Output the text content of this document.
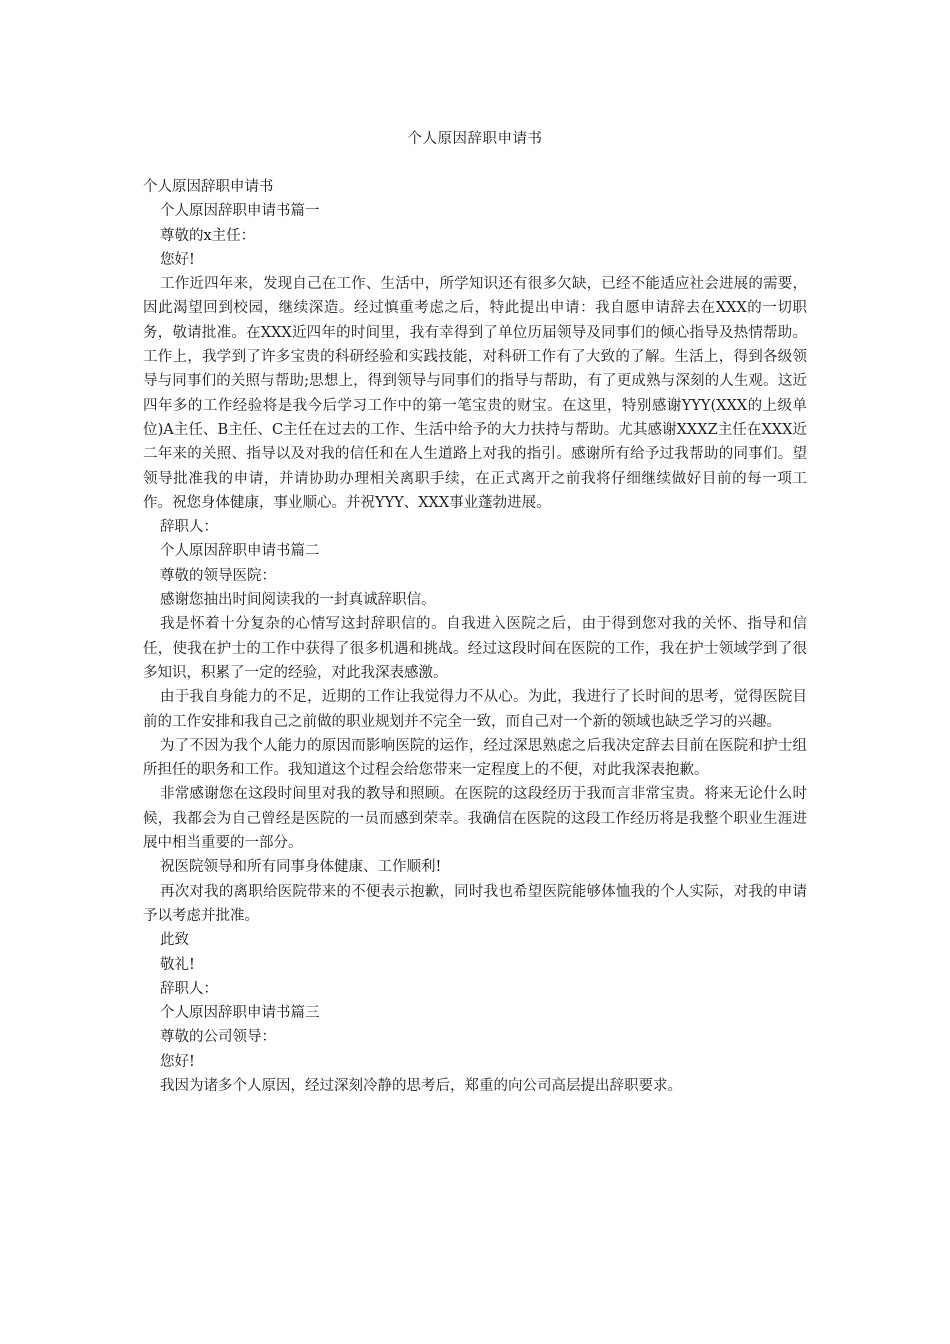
个人原因辞职申请书

个人原因辞职申请书

个人原因辞职申请书篇一

尊敬的x主任：

您好!

工作近四年来，发现自己在工作、生活中，所学知识还有很多欠缺，已经不能适应社会进展的需要，因此渴望回到校园，继续深造。经过慎重考虑之后，特此提出申请：我自愿申请辞去在XXX的一切职务，敬请批准。在XXX近四年的时间里，我有幸得到了单位历届领导及同事们的倾心指导及热情帮助。工作上，我学到了许多宝贵的科研经验和实践技能，对科研工作有了大致的了解。生活上，得到各级领导与同事们的关照与帮助;思想上，得到领导与同事们的指导与帮助，有了更成熟与深刻的人生观。这近四年多的工作经验将是我今后学习工作中的第一笔宝贵的财宝。在这里，特别感谢YYY(XXX的上级单位)A主任、B主任、C主任在过去的工作、生活中给予的大力扶持与帮助。尤其感谢XXXZ主任在XXX近二年来的关照、指导以及对我的信任和在人生道路上对我的指引。感谢所有给予过我帮助的同事们。望领导批准我的申请，并请协助办理相关离职手续，在正式离开之前我将仔细继续做好目前的每一项工作。祝您身体健康，事业顺心。并祝YYY、XXX事业蓬勃进展。

辞职人：

个人原因辞职申请书篇二

尊敬的领导医院：

感谢您抽出时间阅读我的一封真诚辞职信。

我是怀着十分复杂的心情写这封辞职信的。自我进入医院之后，由于得到您对我的关怀、指导和信任，使我在护士的工作中获得了很多机遇和挑战。经过这段时间在医院的工作，我在护士领域学到了很多知识，积累了一定的经验，对此我深表感激。

由于我自身能力的不足，近期的工作让我觉得力不从心。为此，我进行了长时间的思考，觉得医院目前的工作安排和我自己之前做的职业规划并不完全一致，而自己对一个新的领域也缺乏学习的兴趣。

为了不因为我个人能力的原因而影响医院的运作，经过深思熟虑之后我决定辞去目前在医院和护士组所担任的职务和工作。我知道这个过程会给您带来一定程度上的不便，对此我深表抱歉。

非常感谢您在这段时间里对我的教导和照顾。在医院的这段经历于我而言非常宝贵。将来无论什么时候，我都会为自己曾经是医院的一员而感到荣幸。我确信在医院的这段工作经历将是我整个职业生涯进展中相当重要的一部分。

祝医院领导和所有同事身体健康、工作顺利!

再次对我的离职给医院带来的不便表示抱歉，同时我也希望医院能够体恤我的个人实际，对我的申请予以考虑并批准。

此致

敬礼!

辞职人：

个人原因辞职申请书篇三

尊敬的公司领导：

您好!

我因为诸多个人原因，经过深刻冷静的思考后，郑重的向公司高层提出辞职要求。
